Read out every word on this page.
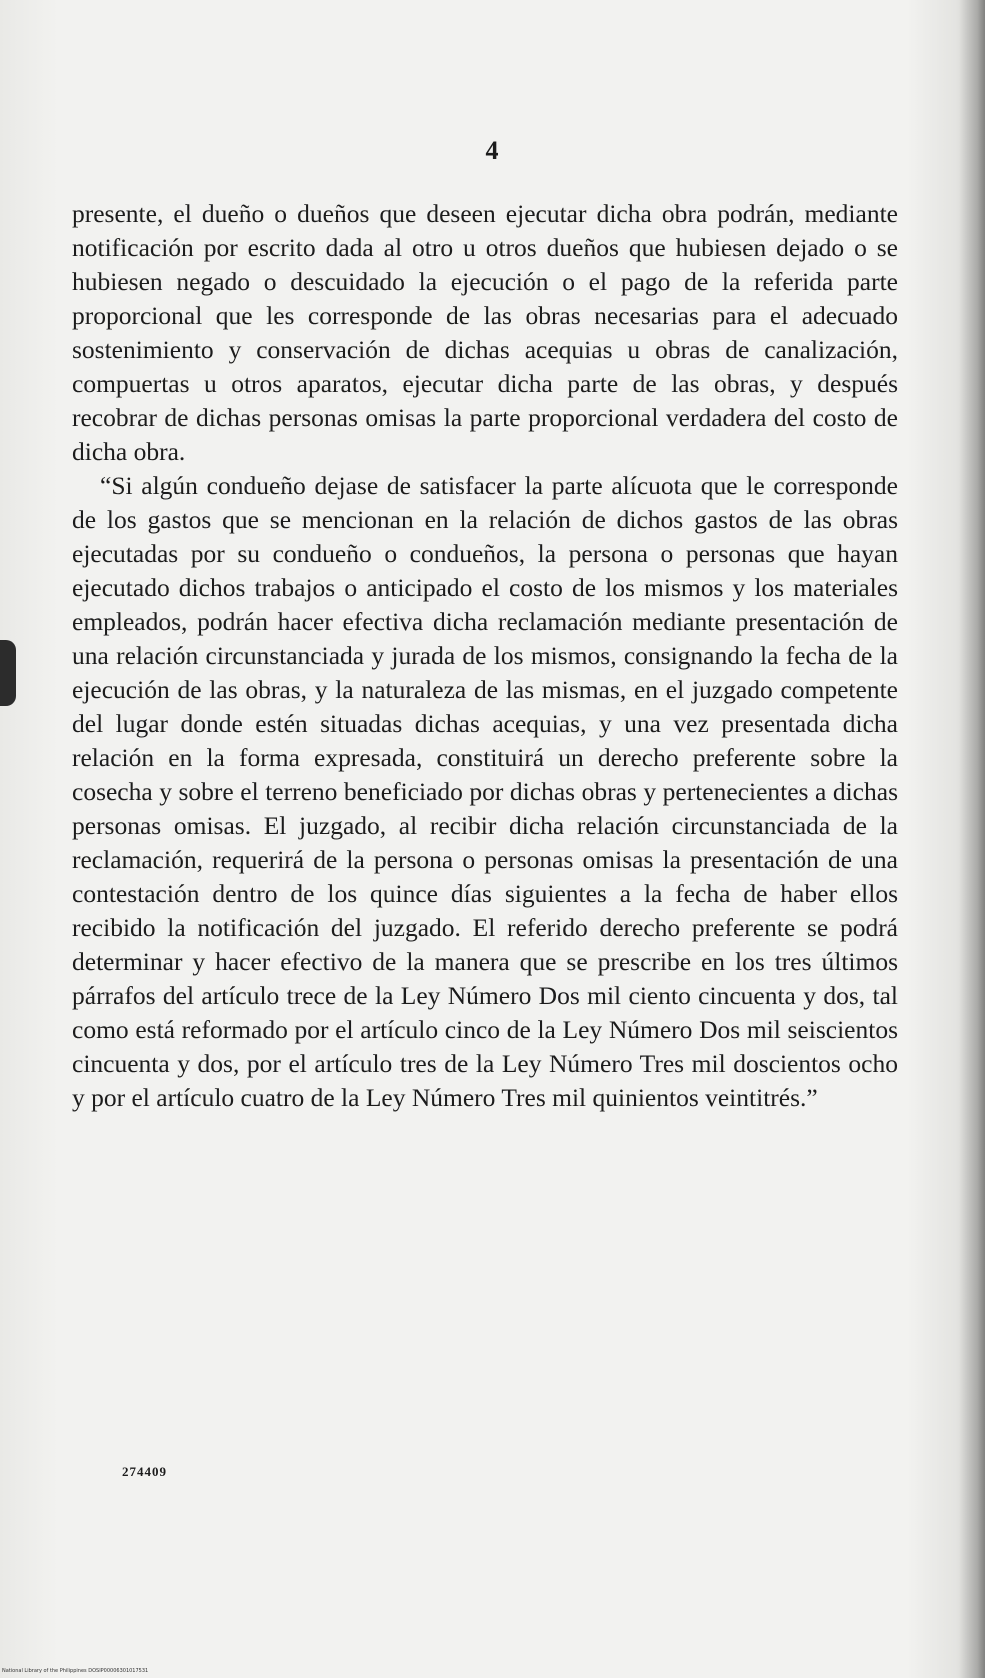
4

presente, el dueño o dueños que deseen ejecutar dicha obra podrán, mediante notificación por escrito dada al otro u otros dueños que hubiesen dejado o se hubiesen negado o descuidado la ejecución o el pago de la referida parte proporcional que les corresponde de las obras necesarias para el adecuado sostenimiento y conservación de dichas acequias u obras de canalización, compuertas u otros aparatos, ejecutar dicha parte de las obras, y después recobrar de dichas personas omisas la parte proporcional verdadera del costo de dicha obra.

“Si algún condueño dejase de satisfacer la parte alícuota que le corresponde de los gastos que se mencionan en la relación de dichos gastos de las obras ejecutadas por su condueño o condueños, la persona o personas que hayan ejecutado dichos trabajos o anticipado el costo de los mismos y los materiales empleados, podrán hacer efectiva dicha reclamación mediante presentación de una relación circunstanciada y jurada de los mismos, consignando la fecha de la ejecución de las obras, y la naturaleza de las mismas, en el juzgado competente del lugar donde estén situadas dichas acequias, y una vez presentada dicha relación en la forma expresada, constituirá un derecho preferente sobre la cosecha y sobre el terreno beneficiado por dichas obras y pertenecientes a dichas personas omisas. El juzgado, al recibir dicha relación circunstanciada de la reclamación, requerirá de la persona o personas omisas la presentación de una contestación dentro de los quince días siguientes a la fecha de haber ellos recibido la notificación del juzgado. El referido derecho preferente se podrá determinar y hacer efectivo de la manera que se prescribe en los tres últimos párrafos del artículo trece de la Ley Número Dos mil ciento cincuenta y dos, tal como está reformado por el artículo cinco de la Ley Número Dos mil seiscientos cincuenta y dos, por el artículo tres de la Ley Número Tres mil doscientos ocho y por el artículo cuatro de la Ley Número Tres mil quinientos veintitrés.”

274409
National Library of the Philippines DOSIP00006301017531
